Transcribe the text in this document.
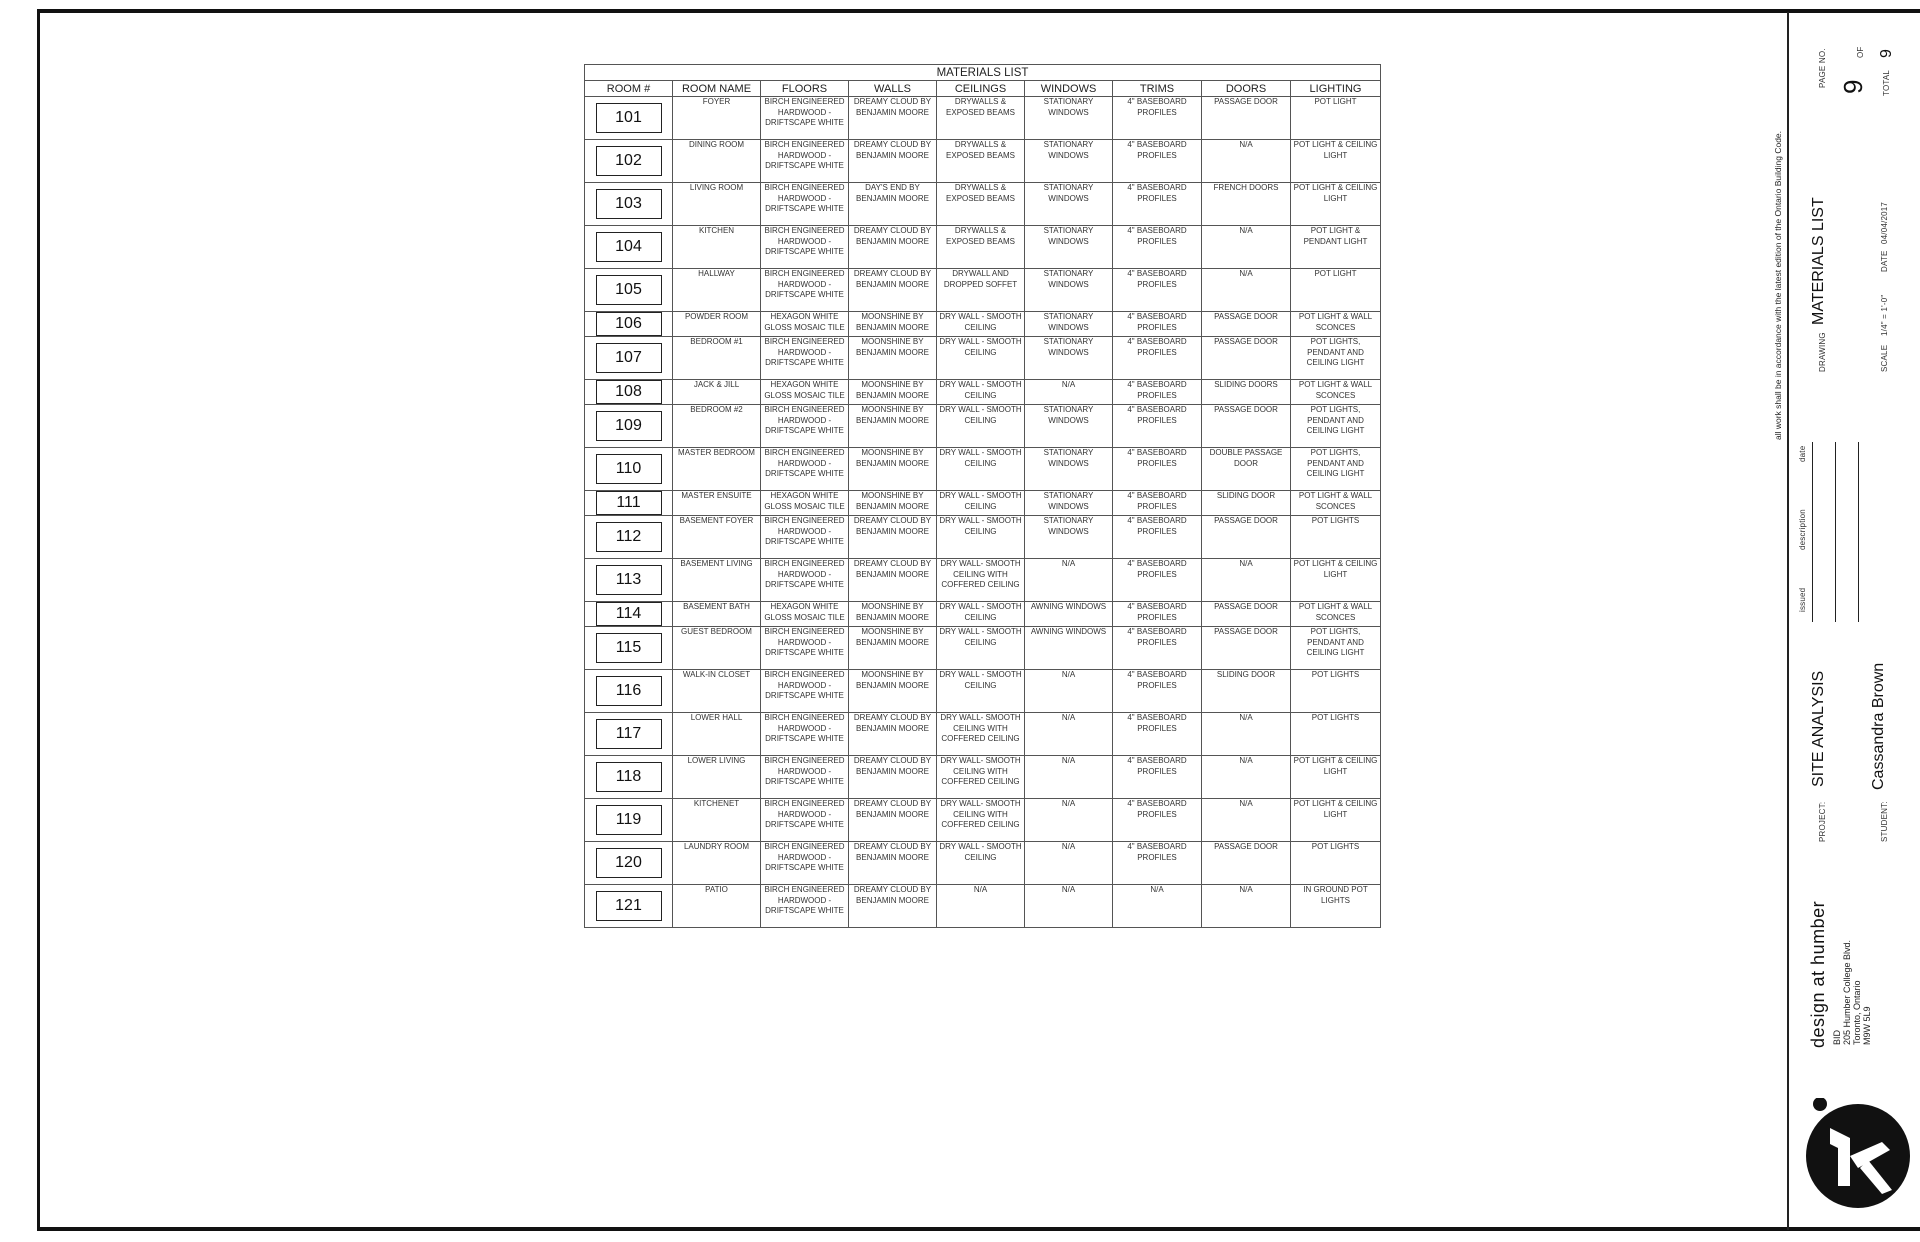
MATERIALS LIST								
ROOM #	ROOM NAME	FLOORS	WALLS	CEILINGS	WINDOWS	TRIMS	DOORS	LIGHTING

101	FOYER	BIRCH ENGINEERED HARDWOOD - DRIFTSCAPE WHITE	DREAMY CLOUD BY BENJAMIN MOORE	DRYWALLS & EXPOSED BEAMS	STATIONARY WINDOWS	4" BASEBOARD PROFILES	PASSAGE DOOR	POT LIGHT

102	DINING ROOM	BIRCH ENGINEERED HARDWOOD - DRIFTSCAPE WHITE	DREAMY CLOUD BY BENJAMIN MOORE	DRYWALLS & EXPOSED BEAMS	STATIONARY WINDOWS	4" BASEBOARD PROFILES	N/A	POT LIGHT & CEILING LIGHT

103	LIVING ROOM	BIRCH ENGINEERED HARDWOOD - DRIFTSCAPE WHITE	DAY'S END BY BENJAMIN MOORE	DRYWALLS & EXPOSED BEAMS	STATIONARY WINDOWS	4" BASEBOARD PROFILES	FRENCH DOORS	POT LIGHT & CEILING LIGHT

104	KITCHEN	BIRCH ENGINEERED HARDWOOD - DRIFTSCAPE WHITE	DREAMY CLOUD BY BENJAMIN MOORE	DRYWALLS & EXPOSED BEAMS	STATIONARY WINDOWS	4" BASEBOARD PROFILES	N/A	POT LIGHT & PENDANT LIGHT

105	HALLWAY	BIRCH ENGINEERED HARDWOOD - DRIFTSCAPE WHITE	DREAMY CLOUD BY BENJAMIN MOORE	DRYWALL AND DROPPED SOFFET	STATIONARY WINDOWS	4" BASEBOARD PROFILES	N/A	POT LIGHT

106	POWDER ROOM	HEXAGON WHITE GLOSS MOSAIC TILE	MOONSHINE BY BENJAMIN MOORE	DRY WALL - SMOOTH CEILING	STATIONARY WINDOWS	4" BASEBOARD PROFILES	PASSAGE DOOR	POT LIGHT & WALL SCONCES

107	BEDROOM #1	BIRCH ENGINEERED HARDWOOD - DRIFTSCAPE WHITE	MOONSHINE BY BENJAMIN MOORE	DRY WALL - SMOOTH CEILING	STATIONARY WINDOWS	4" BASEBOARD PROFILES	PASSAGE DOOR	POT LIGHTS, PENDANT AND CEILING LIGHT

108	JACK & JILL	HEXAGON WHITE GLOSS MOSAIC TILE	MOONSHINE BY BENJAMIN MOORE	DRY WALL - SMOOTH CEILING	N/A	4" BASEBOARD PROFILES	SLIDING DOORS	POT LIGHT & WALL SCONCES

109	BEDROOM #2	BIRCH ENGINEERED HARDWOOD - DRIFTSCAPE WHITE	MOONSHINE BY BENJAMIN MOORE	DRY WALL - SMOOTH CEILING	STATIONARY WINDOWS	4" BASEBOARD PROFILES	PASSAGE DOOR	POT LIGHTS, PENDANT AND CEILING LIGHT

110	MASTER BEDROOM	BIRCH ENGINEERED HARDWOOD - DRIFTSCAPE WHITE	MOONSHINE BY BENJAMIN MOORE	DRY WALL - SMOOTH CEILING	STATIONARY WINDOWS	4" BASEBOARD PROFILES	DOUBLE PASSAGE DOOR	POT LIGHTS, PENDANT AND CEILING LIGHT

111	MASTER ENSUITE	HEXAGON WHITE GLOSS MOSAIC TILE	MOONSHINE BY BENJAMIN MOORE	DRY WALL - SMOOTH CEILING	STATIONARY WINDOWS	4" BASEBOARD PROFILES	SLIDING DOOR	POT LIGHT & WALL SCONCES

112	BASEMENT FOYER	BIRCH ENGINEERED HARDWOOD - DRIFTSCAPE WHITE	DREAMY CLOUD BY BENJAMIN MOORE	DRY WALL - SMOOTH CEILING	STATIONARY WINDOWS	4" BASEBOARD PROFILES	PASSAGE DOOR	POT LIGHTS

113	BASEMENT LIVING	BIRCH ENGINEERED HARDWOOD - DRIFTSCAPE WHITE	DREAMY CLOUD BY BENJAMIN MOORE	DRY WALL- SMOOTH CEILING WITH COFFERED CEILING	N/A	4" BASEBOARD PROFILES	N/A	POT LIGHT & CEILING LIGHT

114	BASEMENT BATH	HEXAGON WHITE GLOSS MOSAIC TILE	MOONSHINE BY BENJAMIN MOORE	DRY WALL - SMOOTH CEILING	AWNING WINDOWS	4" BASEBOARD PROFILES	PASSAGE DOOR	POT LIGHT & WALL SCONCES

115	GUEST BEDROOM	BIRCH ENGINEERED HARDWOOD - DRIFTSCAPE WHITE	MOONSHINE BY BENJAMIN MOORE	DRY WALL - SMOOTH CEILING	AWNING WINDOWS	4" BASEBOARD PROFILES	PASSAGE DOOR	POT LIGHTS, PENDANT AND CEILING LIGHT

116	WALK-IN CLOSET	BIRCH ENGINEERED HARDWOOD - DRIFTSCAPE WHITE	MOONSHINE BY BENJAMIN MOORE	DRY WALL - SMOOTH CEILING	N/A	4" BASEBOARD PROFILES	SLIDING DOOR	POT LIGHTS

117	LOWER HALL	BIRCH ENGINEERED HARDWOOD - DRIFTSCAPE WHITE	DREAMY CLOUD BY BENJAMIN MOORE	DRY WALL- SMOOTH CEILING WITH COFFERED CEILING	N/A	4" BASEBOARD PROFILES	N/A	POT LIGHTS

118	LOWER LIVING	BIRCH ENGINEERED HARDWOOD - DRIFTSCAPE WHITE	DREAMY CLOUD BY BENJAMIN MOORE	DRY WALL- SMOOTH CEILING WITH COFFERED CEILING	N/A	4" BASEBOARD PROFILES	N/A	POT LIGHT & CEILING LIGHT

119	KITCHENET	BIRCH ENGINEERED HARDWOOD - DRIFTSCAPE WHITE	DREAMY CLOUD BY BENJAMIN MOORE	DRY WALL- SMOOTH CEILING WITH COFFERED CEILING	N/A	4" BASEBOARD PROFILES	N/A	POT LIGHT & CEILING LIGHT

120	LAUNDRY ROOM	BIRCH ENGINEERED HARDWOOD - DRIFTSCAPE WHITE	DREAMY CLOUD BY BENJAMIN MOORE	DRY WALL - SMOOTH CEILING	N/A	4" BASEBOARD PROFILES	PASSAGE DOOR	POT LIGHTS

121	PATIO	BIRCH ENGINEERED HARDWOOD - DRIFTSCAPE WHITE	DREAMY CLOUD BY BENJAMIN MOORE	N/A	N/A	N/A	N/A	IN GROUND POT LIGHTS
all work shall be in accordance with the latest edition of the Ontario Building Code.
PAGE NO. 9
OF
TOTAL
9
DRAWING
MATERIALS LIST
SCALE
1/4" = 1'-0"
DATE
04/04/2017
issued
description
date
PROJECT:
SITE ANALYSIS
STUDENT:
Cassandra Brown
design at humber BID 205 Humber College Blvd. Toronto, Ontario M9W 5L9
